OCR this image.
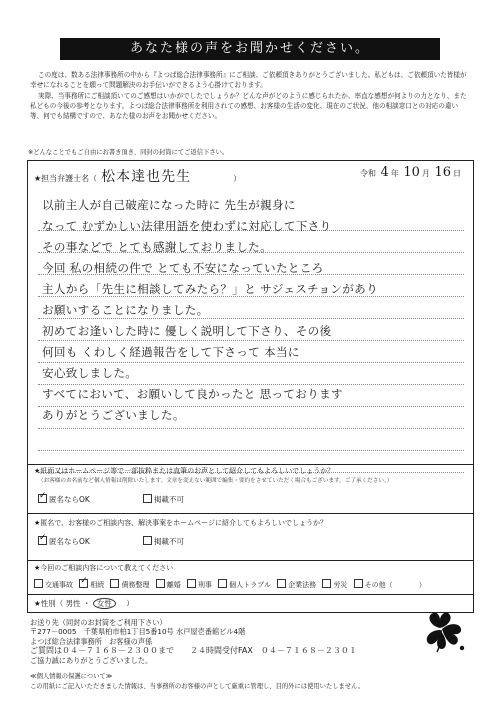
あなた様の声をお聞かせください。

この度は、数ある法律事務所の中から『よつば総合法律事務所』にご相談、ご依頼頂きありがとうございました。私どもは、ご依頼頂いた皆様が幸せになれることを願って問題解決のお手伝いができるよう心掛けております。

実際、当事務所にご相談頂いてのご感想はいかがでしたでしょうか？どんな声がどのように感じられたか、率直な感想が何よりの力となり、また私どもの今後の参考となります。よつば総合法律事務所を利用されての感想、お客様の生活の変化、現在のご状況、他の相談窓口との対応の違い等、何でも結構ですので、あなた様のお声をお聞かせください。

※どんなことでもご自由にお書き頂き、同封の封筒にてご返信下さい。
★担当弁護士名（ 松本達也先生	）
令和 4 年 10 月 16 日
以前主人が自己破産になった時に 先生が親身に
なって むずかしい法律用語を使わずに対応して下さり
その事などで とても感謝しておりました。
今回 私の相続の件で とても不安になっていたところ
主人から「先生に相談してみたら？」と サジェスチョンがあり
お願いすることになりました。
初めてお逢いした時に 優しく説明して下さり、その後
何回も くわしく経過報告をして下さって 本当に
安心致しました。
すべてにおいて、お願いして良かったと 思っております
ありがとうございました。
★紙面又はホームページ等で一部抜粋または直筆のお声として紹介してもよろしいでしょうか？
（お客様のお名前など個人情報は削除いたします。文章を変えない範囲で編集・要約をさせていただく場合もございます。ご了承ください。）
✓匿名ならOK	掲載不可
★匿名で、お客様のご相談内容、解決事案をホームページに紹介してもよろしいでしょうか？
✓匿名ならOK	掲載不可
★今回のご相談内容について教えてください
交通事故 ✓ 相続 債務整理 離婚 刑事 個人トラブル 企業法務 労災 その他（	）
★性別（ 男性 ・ 女性 ）
お送り先（同封のお封筒をご利用下さい）
〒277－0005　千葉県柏市柏1丁目5番10号 水戸屋壱番館ビル4階
よつば総合法律事務所　お客様の声係
ご質問は０４－７１６８－２３００まで　　２４時間受付FAX　０４－７１６８－２３０１
ご協力誠にありがとうございました。
≪個人情報の保護について≫
この用紙にご記入いただきました情報は、当事務所のお客様の声として厳重に管理し、目的外には使用いたしません。
